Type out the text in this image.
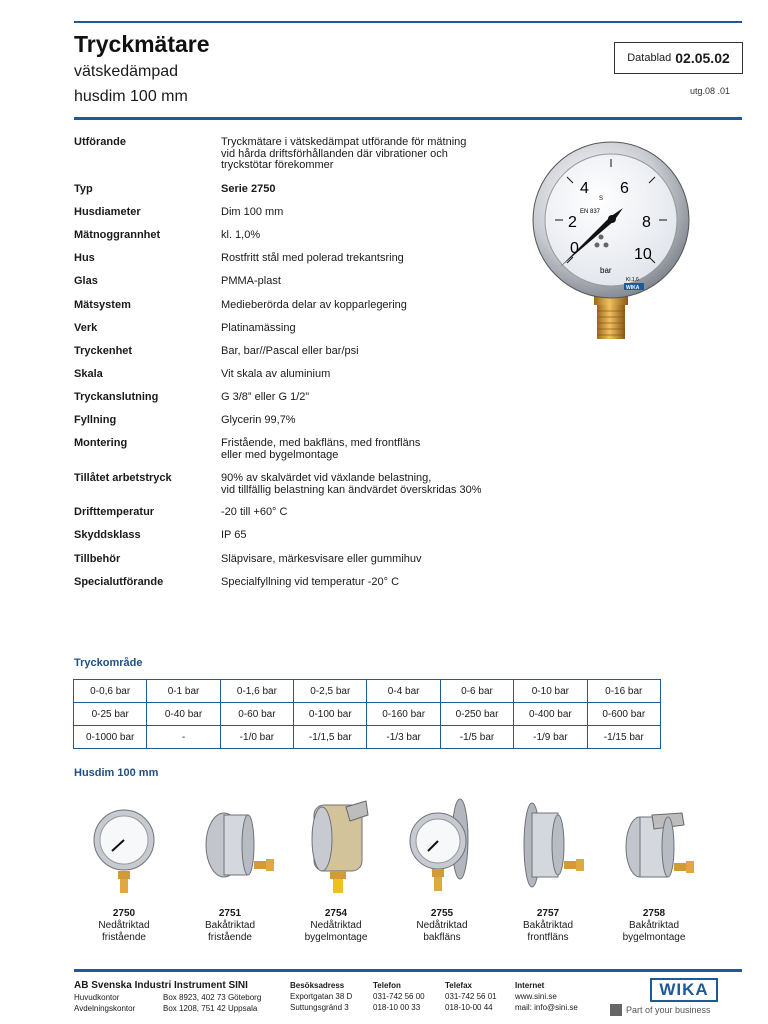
Tryckmätare
vätskedämpad
husdim 100 mm
Datablad 02.05.02
utg.08 .01
Utförande	Tryckmätare i vätskedämpat utförande för mätning
vid hårda driftsförhållanden där vibrationer och
tryckstötar förekommer
Typ	Serie 2750
Husdiameter	Dim 100 mm
Mätnoggrannhet	kl. 1,0%
Hus	Rostfritt stål med polerad trekantsring
Glas	PMMA-plast
Mätsystem	Medieberörda delar av kopparlegering
Verk	Platinamässing
Tryckenhet	Bar, bar//Pascal eller bar/psi
Skala	Vit skala av aluminium
Tryckanslutning	G 3/8” eller G 1/2”
Fyllning	Glycerin 99,7%
Montering	Fristående, med bakfläns, med frontfläns
eller med bygelmontage
Tillåtet arbetstryck	90% av skalvärdet vid växlande belastning,
vid tillfällig belastning kan ändvärdet överskridas 30%
Drifttemperatur	-20 till +60° C
Skyddsklass	IP 65
Tillbehör	Släpvisare, märkesvisare eller gummihuv
Specialutförande	Specialfyllning vid temperatur -20° C
0
2
4 6
8
10
S
EN 837
bar
Kl.1,6
WIKA
Tryckområde
0-0,6 bar	0-1 bar	0-1,6 bar	0-2,5 bar	0-4 bar	0-6 bar	0-10 bar	0-16 bar
0-25 bar	0-40 bar	0-60 bar	0-100 bar	0-160 bar	0-250 bar	0-400 bar	0-600 bar
0-1000 bar	-	-1/0 bar	-1/1,5 bar	-1/3 bar	-1/5 bar	-1/9 bar	-1/15 bar
Husdim 100 mm
2750
Nedåtriktad
fristående
2751
Bakåtriktad
fristående
2754
Nedåtriktad
bygelmontage
2755
Nedåtriktad
bakfläns
2757
Bakåtriktad
frontfläns
2758
Bakåtriktad
bygelmontage
AB Svenska Industri Instrument SINI
Huvudkontor	Box 8923, 402 73 Göteborg
Avdelningskontor	Box 1208, 751 42 Uppsala
Besöksadress
Exportgatan 38 D
Suttungsgränd 3
Telefon
031-742 56 00
018-10 00 33
Telefax
031-742 56 01
018-10-00 44
Internet
www.sini.se
mail: info@sini.se
WIKA
Part of your business
